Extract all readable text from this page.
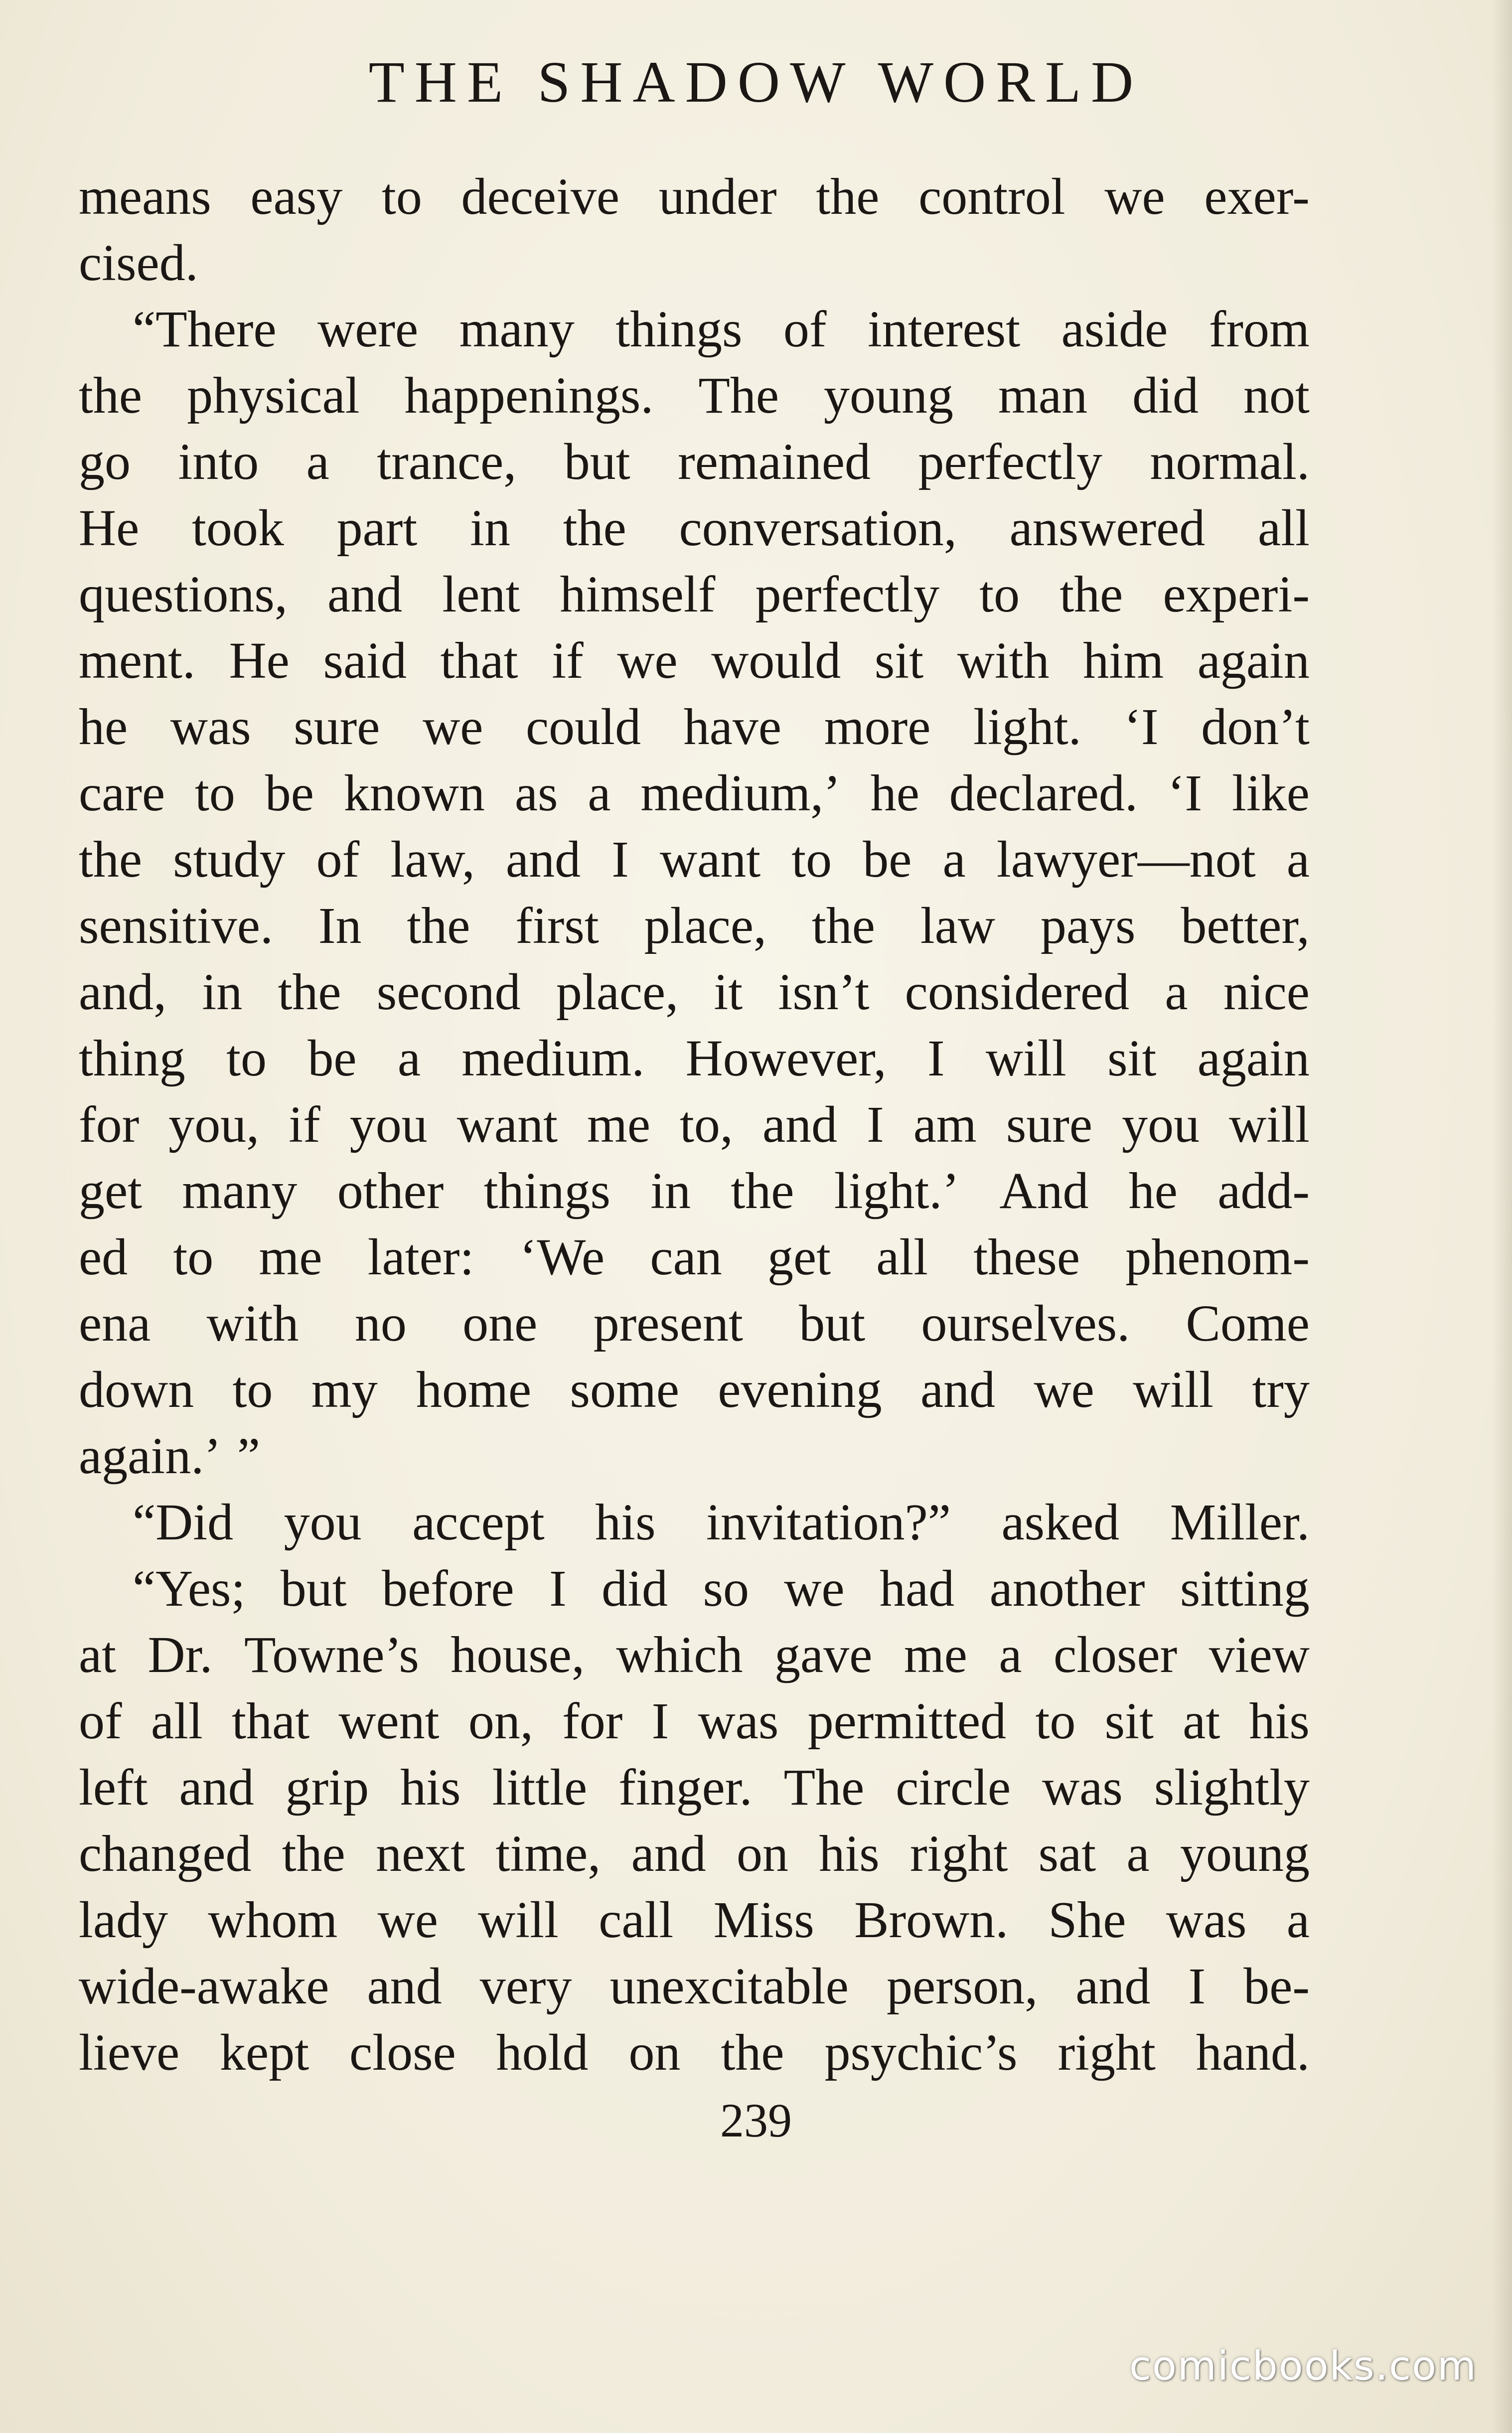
THE SHADOW WORLD
means easy to deceive under the control we exer-
cised.
“There were many things of interest aside from
the physical happenings. The young man did not
go into a trance, but remained perfectly normal.
He took part in the conversation, answered all
questions, and lent himself perfectly to the experi-
ment. He said that if we would sit with him again
he was sure we could have more light. ‘I don’t
care to be known as a medium,’ he declared. ‘I like
the study of law, and I want to be a lawyer—not a
sensitive. In the first place, the law pays better,
and, in the second place, it isn’t considered a nice
thing to be a medium. However, I will sit again
for you, if you want me to, and I am sure you will
get many other things in the light.’ And he add-
ed to me later: ‘We can get all these phenom-
ena with no one present but ourselves. Come
down to my home some evening and we will try
again.’ ”
“Did you accept his invitation?” asked Miller.
“Yes; but before I did so we had another sitting
at Dr. Towne’s house, which gave me a closer view
of all that went on, for I was permitted to sit at his
left and grip his little finger. The circle was slightly
changed the next time, and on his right sat a young
lady whom we will call Miss Brown. She was a
wide-awake and very unexcitable person, and I be-
lieve kept close hold on the psychic’s right hand.
239
comicbooks.com
